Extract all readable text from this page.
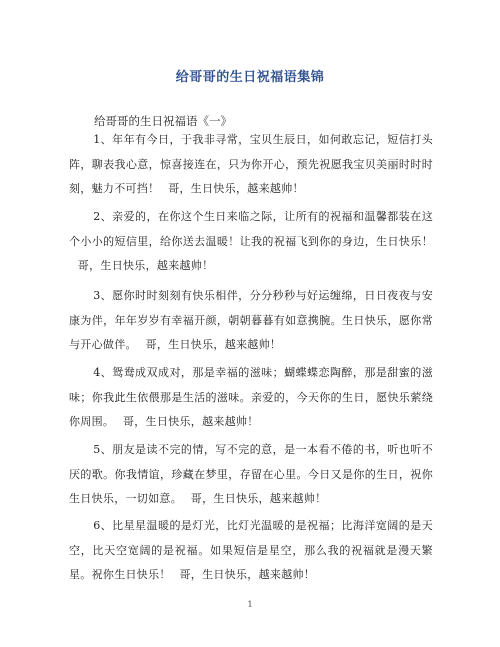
给哥哥的生日祝福语集锦
给哥哥的生日祝福语《一》
1、年年有今日，于我非寻常，宝贝生辰日，如何敢忘记，短信打头阵，聊表我心意，惊喜接连在，只为你开心，预先祝愿我宝贝美丽时时时刻，魅力不可挡！ 哥，生日快乐，越来越帅！
2、亲爱的，在你这个生日来临之际，让所有的祝福和温馨都装在这个小小的短信里，给你送去温暖！让我的祝福飞到你的身边，生日快乐！哥，生日快乐，越来越帅！
3、愿你时时刻刻有快乐相伴，分分秒秒与好运缠绵，日日夜夜与安康为伴，年年岁岁有幸福开颜，朝朝暮暮有如意携腕。生日快乐，愿你常与开心做伴。 哥，生日快乐，越来越帅！
4、鸳鸯成双成对，那是幸福的滋味；蝴蝶蝶恋陶醉，那是甜蜜的滋味；你我此生依偎那是生活的滋味。亲爱的，今天你的生日，愿快乐萦绕你周围。 哥，生日快乐，越来越帅！
5、朋友是读不完的情，写不完的意，是一本看不倦的书，听也听不厌的歌。你我情谊，珍藏在梦里，存留在心里。今日又是你的生日，祝你生日快乐，一切如意。 哥，生日快乐，越来越帅！
6、比星星温暖的是灯光，比灯光温暖的是祝福；比海洋宽阔的是天空，比天空宽阔的是祝福。如果短信是星空，那么我的祝福就是漫天繁星。祝你生日快乐！ 哥，生日快乐，越来越帅！
1
